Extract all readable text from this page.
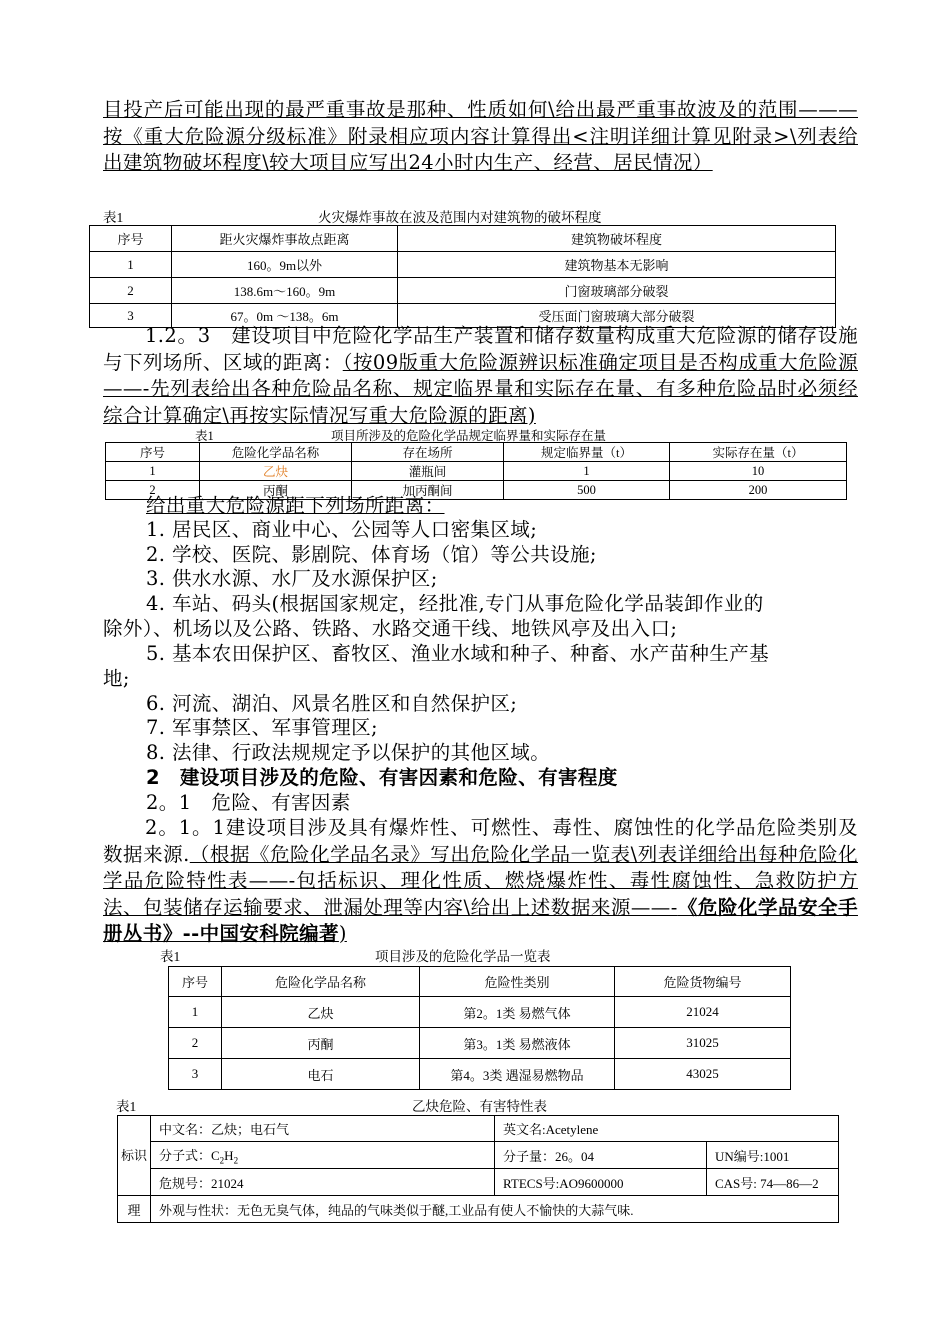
目投产后可能出现的最严重事故是那种、性质如何\给出最严重事故波及的范围———按《重大危险源分级标准》附录相应项内容计算得出<注明详细计算见附录>\列表给出建筑物破坏程度\较大项目应写出24小时内生产、经营、居民情况）
表1	火灾爆炸事故在波及范围内对建筑物的破坏程度
序号	距火灾爆炸事故点距离	建筑物破坏程度
1	160。9m以外	建筑物基本无影响
2	138.6m～160。9m	门窗玻璃部分破裂
3	67。0m ～138。6m	受压面门窗玻璃大部分破裂
1.2。3　建设项目中危险化学品生产装置和储存数量构成重大危险源的储存设施与下列场所、区域的距离：（按09版重大危险源辨识标准确定项目是否构成重大危险源——-先列表给出各种危险品名称、规定临界量和实际存在量、有多种危险品时必须经综合计算确定\再按实际情况写重大危险源的距离)
表1	项目所涉及的危险化学品规定临界量和实际存在量
序号	危险化学品名称	存在场所	规定临界量（t）	实际存在量（t）
1	乙炔	灌瓶间	1	10
2	丙酮	加丙酮间	500	200
给出重大危险源距下列场所距离：
1. 居民区、商业中心、公园等人口密集区域;
2. 学校、医院、影剧院、体育场（馆）等公共设施;
3. 供水水源、水厂及水源保护区;
4. 车站、码头(根据国家规定，经批准,专门从事危险化学品装卸作业的
除外）、机场以及公路、铁路、水路交通干线、地铁风亭及出入口;
5. 基本农田保护区、畜牧区、渔业水域和种子、种畜、水产苗种生产基
地;
6. 河流、湖泊、风景名胜区和自然保护区;
7. 军事禁区、军事管理区;
8. 法律、行政法规规定予以保护的其他区域。
2　建设项目涉及的危险、有害因素和危险、有害程度
2。1　危险、有害因素
2。1。1建设项目涉及具有爆炸性、可燃性、毒性、腐蚀性的化学品危险类别及数据来源.（根据《危险化学品名录》写出危险化学品一览表\列表详细给出每种危险化学品危险特性表——-包括标识、理化性质、燃烧爆炸性、毒性腐蚀性、急救防护方法、包装储存运输要求、泄漏处理等内容\给出上述数据来源——-《危险化学品安全手册丛书》--中国安科院编著)
表1	项目涉及的危险化学品一览表
序号	危险化学品名称	危险性类别	危险货物编号
1	乙炔	第2。1类 易燃气体	21024
2	丙酮	第3。1类 易燃液体	31025
3	电石	第4。3类 遇湿易燃物品	43025
表1	乙炔危险、有害特性表
标识	中文名：乙炔；电石气	英文名:Acetylene	
	分子式：$C_2H_2$	分子量：26。04	UN编号:1001
	危规号：21024	RTECS号:AO9600000	CAS号: 74—86—2
理	外观与性状：无色无臭气体，纯品的气味类似于醚,工业品有使人不愉快的大蒜气味.		
